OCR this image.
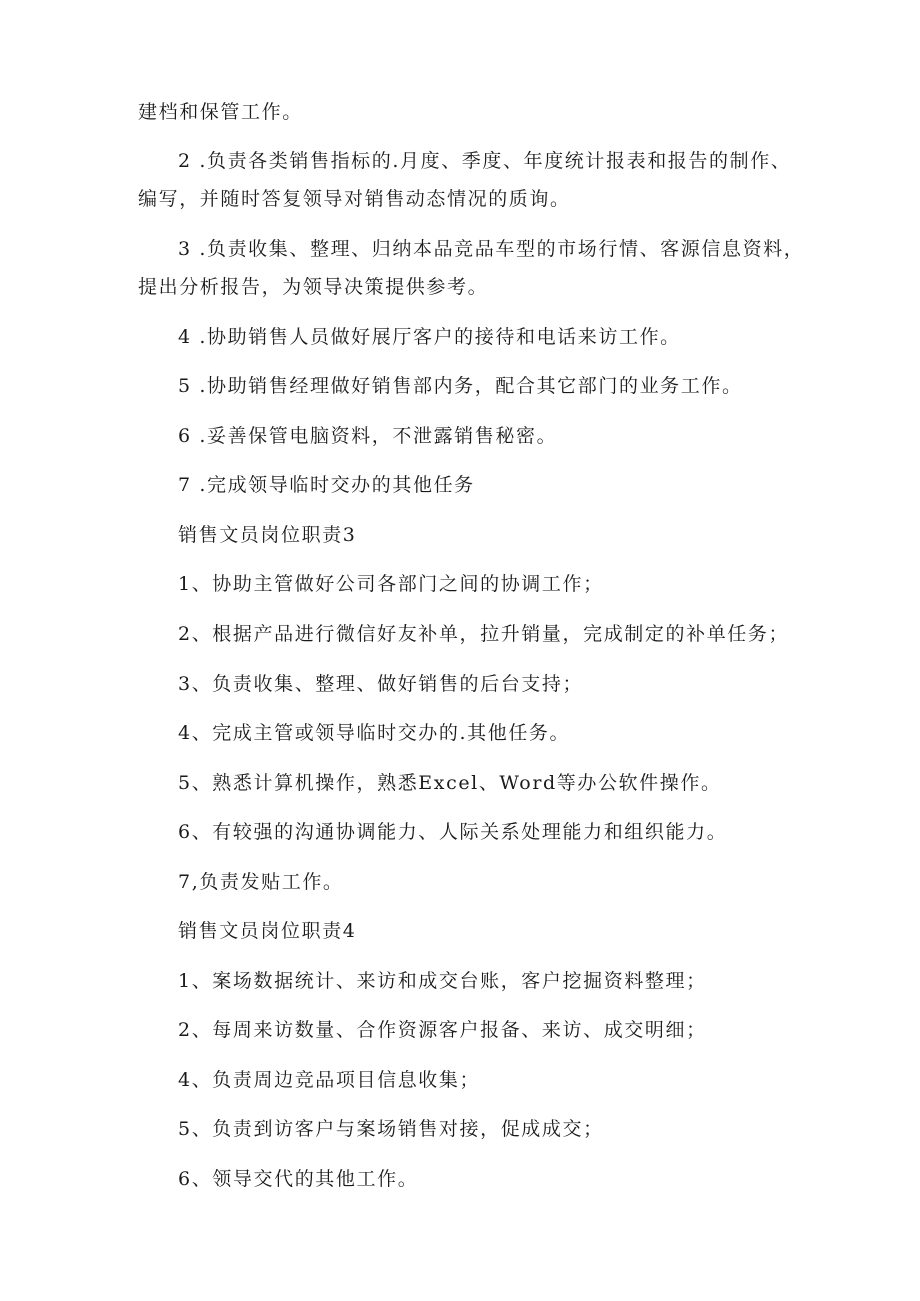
建档和保管工作。

2 .负责各类销售指标的.月度、季度、年度统计报表和报告的制作、

编写，并随时答复领导对销售动态情况的质询。

3 .负责收集、整理、归纳本品竞品车型的市场行情、客源信息资料，

提出分析报告，为领导决策提供参考。

4 .协助销售人员做好展厅客户的接待和电话来访工作。

5 .协助销售经理做好销售部内务，配合其它部门的业务工作。

6 .妥善保管电脑资料，不泄露销售秘密。

7 .完成领导临时交办的其他任务

销售文员岗位职责3

1、协助主管做好公司各部门之间的协调工作；

2、根据产品进行微信好友补单，拉升销量，完成制定的补单任务；

3、负责收集、整理、做好销售的后台支持；

4、完成主管或领导临时交办的.其他任务。

5、熟悉计算机操作，熟悉Excel、Word等办公软件操作。

6、有较强的沟通协调能力、人际关系处理能力和组织能力。

7,负责发贴工作。

销售文员岗位职责4

1、案场数据统计、来访和成交台账，客户挖掘资料整理；

2、每周来访数量、合作资源客户报备、来访、成交明细；

4、负责周边竞品项目信息收集；

5、负责到访客户与案场销售对接，促成成交；

6、领导交代的其他工作。
